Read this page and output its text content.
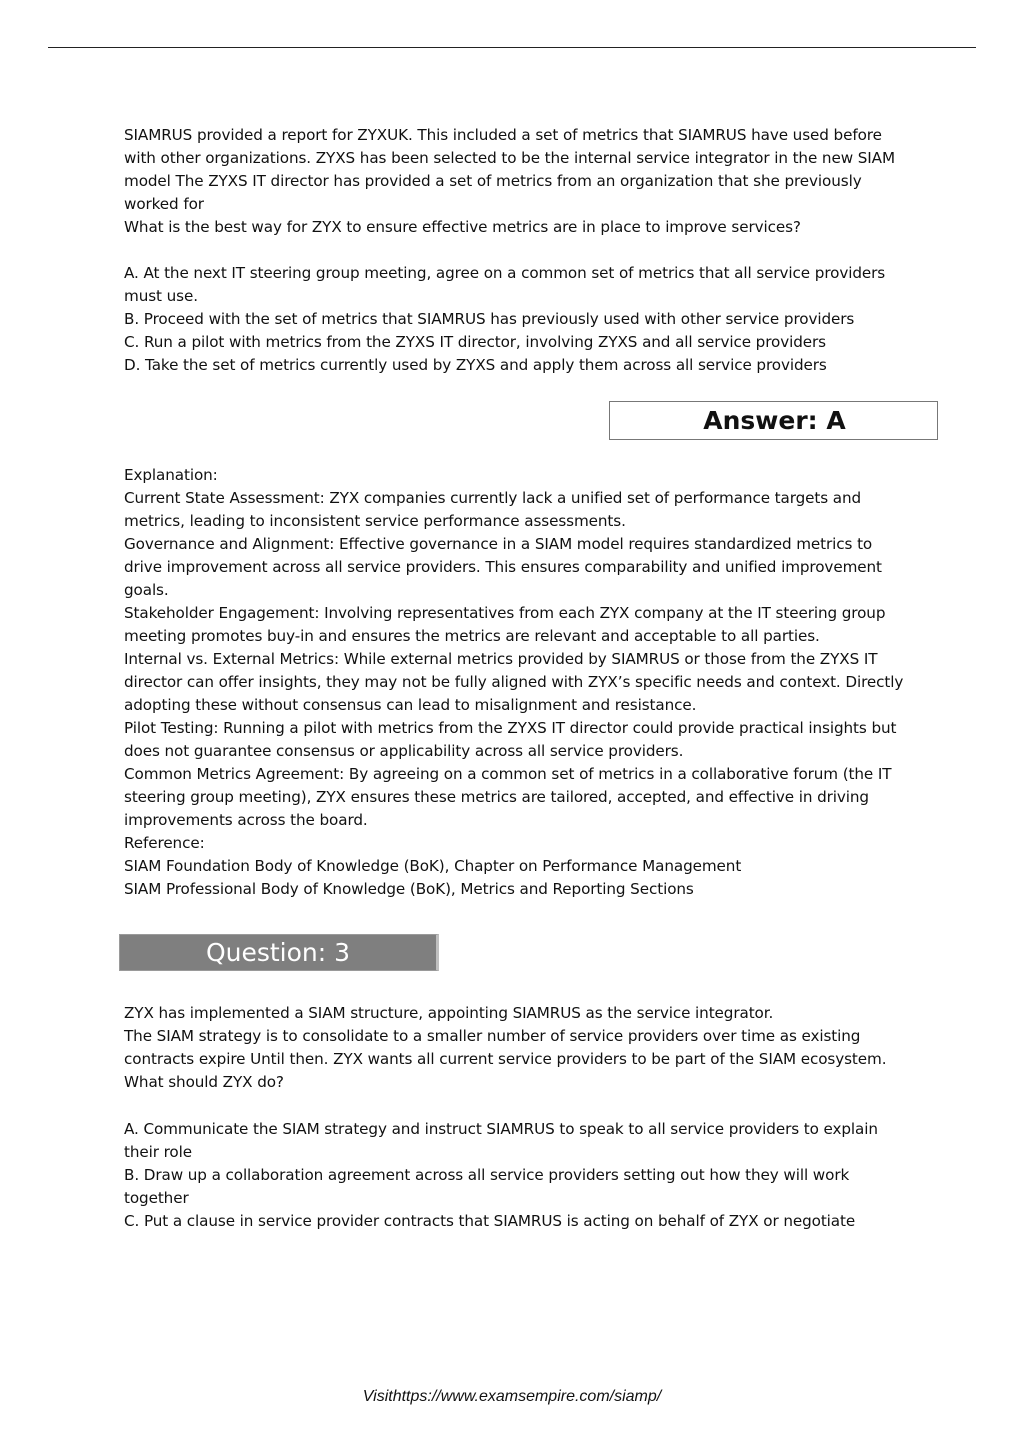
SIAMRUS provided a report for ZYXUK. This included a set of metrics that SIAMRUS have used before

with other organizations. ZYXS has been selected to be the internal service integrator in the new SIAM

model The ZYXS IT director has provided a set of metrics from an organization that she previously

worked for

What is the best way for ZYX to ensure effective metrics are in place to improve services?

A. At the next IT steering group meeting, agree on a common set of metrics that all service providers

must use.

B. Proceed with the set of metrics that SIAMRUS has previously used with other service providers

C. Run a pilot with metrics from the ZYXS IT director, involving ZYXS and all service providers

D. Take the set of metrics currently used by ZYXS and apply them across all service providers

Answer: A

Explanation:

Current State Assessment: ZYX companies currently lack a unified set of performance targets and

metrics, leading to inconsistent service performance assessments.

Governance and Alignment: Effective governance in a SIAM model requires standardized metrics to

drive improvement across all service providers. This ensures comparability and unified improvement

goals.

Stakeholder Engagement: Involving representatives from each ZYX company at the IT steering group

meeting promotes buy-in and ensures the metrics are relevant and acceptable to all parties.

Internal vs. External Metrics: While external metrics provided by SIAMRUS or those from the ZYXS IT

director can offer insights, they may not be fully aligned with ZYX’s specific needs and context. Directly

adopting these without consensus can lead to misalignment and resistance.

Pilot Testing: Running a pilot with metrics from the ZYXS IT director could provide practical insights but

does not guarantee consensus or applicability across all service providers.

Common Metrics Agreement: By agreeing on a common set of metrics in a collaborative forum (the IT

steering group meeting), ZYX ensures these metrics are tailored, accepted, and effective in driving

improvements across the board.

Reference:

SIAM Foundation Body of Knowledge (BoK), Chapter on Performance Management

SIAM Professional Body of Knowledge (BoK), Metrics and Reporting Sections

Question: 3

ZYX has implemented a SIAM structure, appointing SIAMRUS as the service integrator.

The SIAM strategy is to consolidate to a smaller number of service providers over time as existing

contracts expire Until then. ZYX wants all current service providers to be part of the SIAM ecosystem.

What should ZYX do?

A. Communicate the SIAM strategy and instruct SIAMRUS to speak to all service providers to explain

their role

B. Draw up a collaboration agreement across all service providers setting out how they will work

together

C. Put a clause in service provider contracts that SIAMRUS is acting on behalf of ZYX or negotiate

Visithttps://www.examsempire.com/siamp/
